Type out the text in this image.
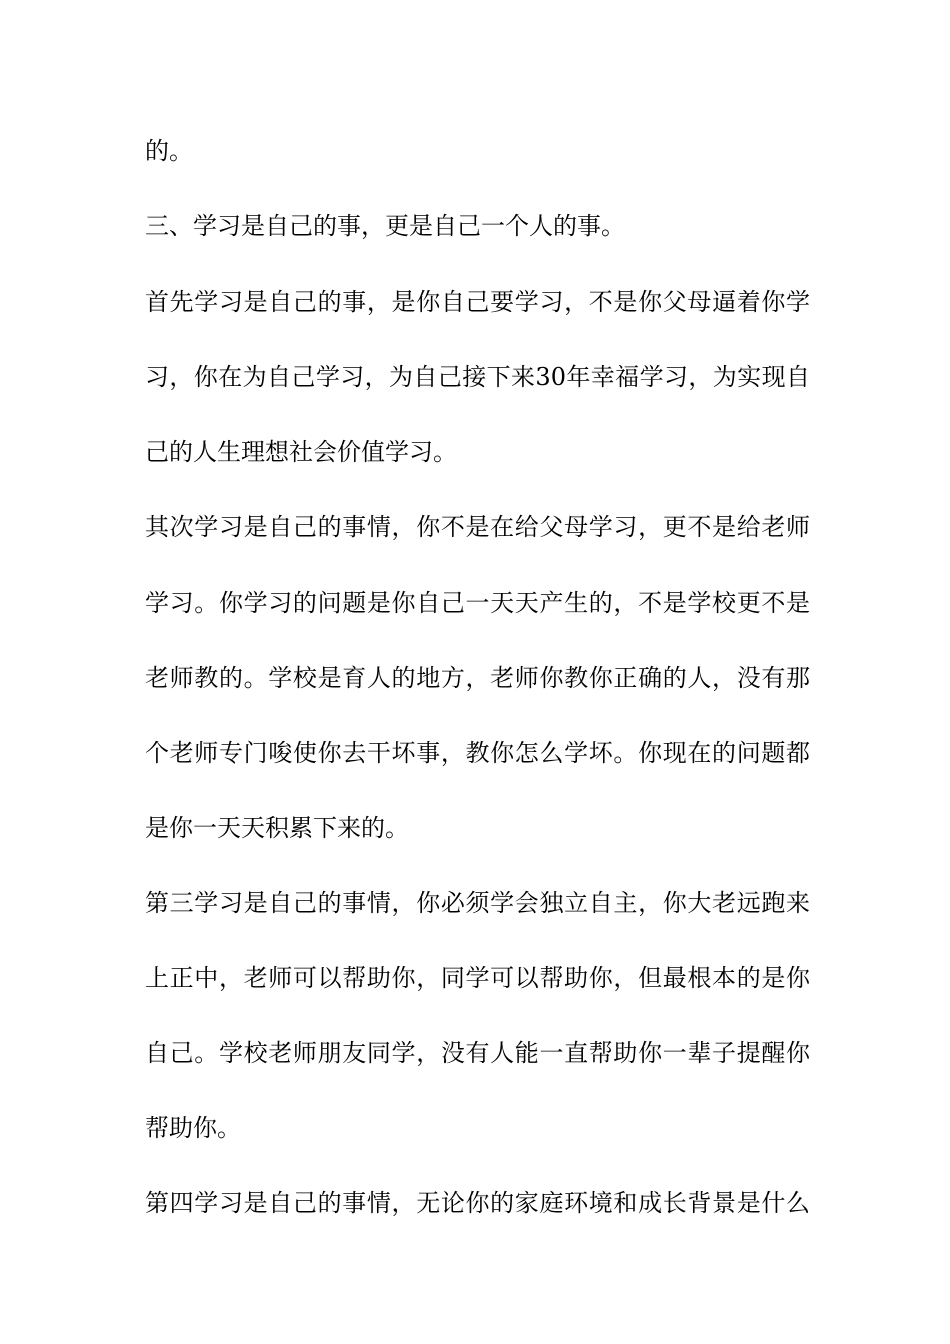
的。
三、学习是自己的事，更是自己一个人的事。
首先学习是自己的事，是你自己要学习，不是你父母逼着你学
习，你在为自己学习，为自己接下来30年幸福学习，为实现自
己的人生理想社会价值学习。
其次学习是自己的事情，你不是在给父母学习，更不是给老师
学习。你学习的问题是你自己一天天产生的，不是学校更不是
老师教的。学校是育人的地方，老师你教你正确的人，没有那
个老师专门唆使你去干坏事，教你怎么学坏。你现在的问题都
是你一天天积累下来的。
第三学习是自己的事情，你必须学会独立自主，你大老远跑来
上正中，老师可以帮助你，同学可以帮助你，但最根本的是你
自己。学校老师朋友同学，没有人能一直帮助你一辈子提醒你
帮助你。
第四学习是自己的事情，无论你的家庭环境和成长背景是什么
